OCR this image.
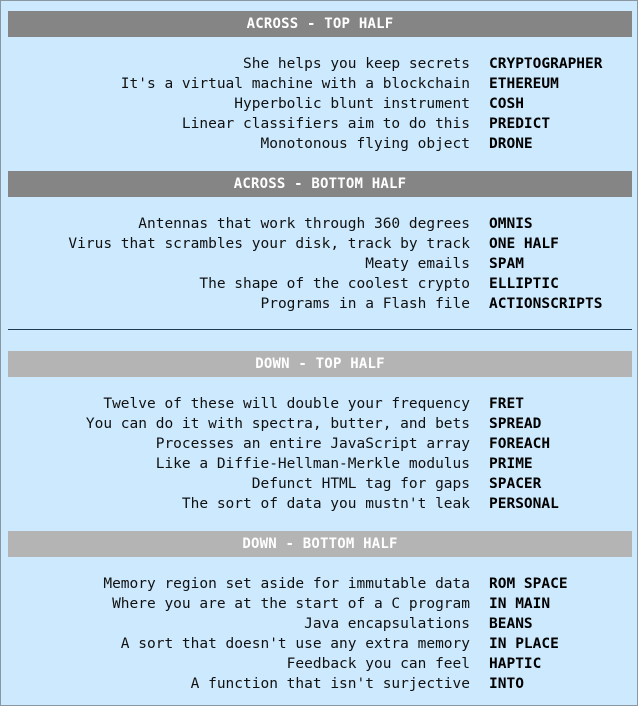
ACROSS - TOP HALF
She helps you keep secrets CRYPTOGRAPHER
It's a virtual machine with a blockchain ETHEREUM
Hyperbolic blunt instrument COSH
Linear classifiers aim to do this PREDICT
Monotonous flying object DRONE
ACROSS - BOTTOM HALF
Antennas that work through 360 degrees OMNIS
Virus that scrambles your disk, track by track ONE HALF
Meaty emails SPAM
The shape of the coolest crypto ELLIPTIC
Programs in a Flash file ACTIONSCRIPTS
DOWN - TOP HALF
Twelve of these will double your frequency FRET
You can do it with spectra, butter, and bets SPREAD
Processes an entire JavaScript array FOREACH
Like a Diffie-Hellman-Merkle modulus PRIME
Defunct HTML tag for gaps SPACER
The sort of data you mustn't leak PERSONAL
DOWN - BOTTOM HALF
Memory region set aside for immutable data ROM SPACE
Where you are at the start of a C program IN MAIN
Java encapsulations BEANS
A sort that doesn't use any extra memory IN PLACE
Feedback you can feel HAPTIC
A function that isn't surjective INTO
